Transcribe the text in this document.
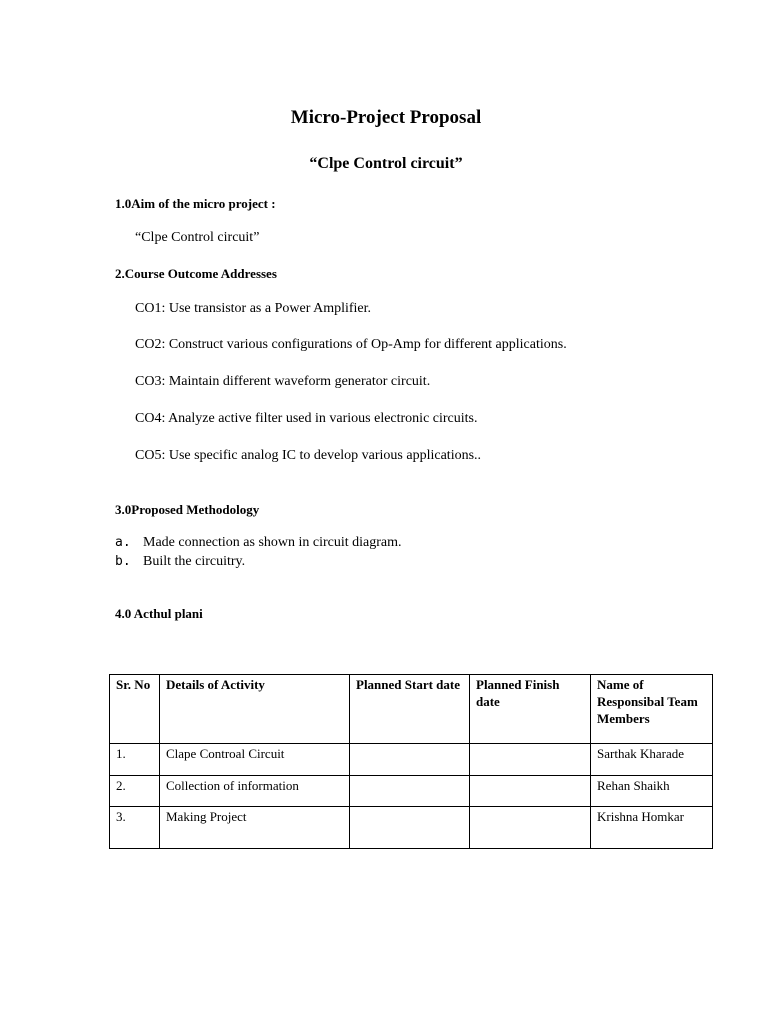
Micro-Project Proposal
“Clpe Control circuit”
1.0Aim of the micro project :
“Clpe Control circuit”
2.Course Outcome Addresses
CO1: Use transistor as a Power Amplifier.
CO2: Construct various configurations of Op-Amp for different applications.
CO3: Maintain different waveform generator circuit.
CO4: Analyze active filter used in various electronic circuits.
CO5: Use specific analog IC to develop various applications..
3.0Proposed Methodology
a. Made connection as shown in circuit diagram.
b. Built the circuitry.
4.0 Acthul plani
Sr. No	Details of Activity	Planned Start date	Planned Finish date	Name of Responsibal Team Members
1.	Clape Controal Circuit			Sarthak Kharade
2.	Collection of information			Rehan Shaikh
3.	Making Project			Krishna Homkar
